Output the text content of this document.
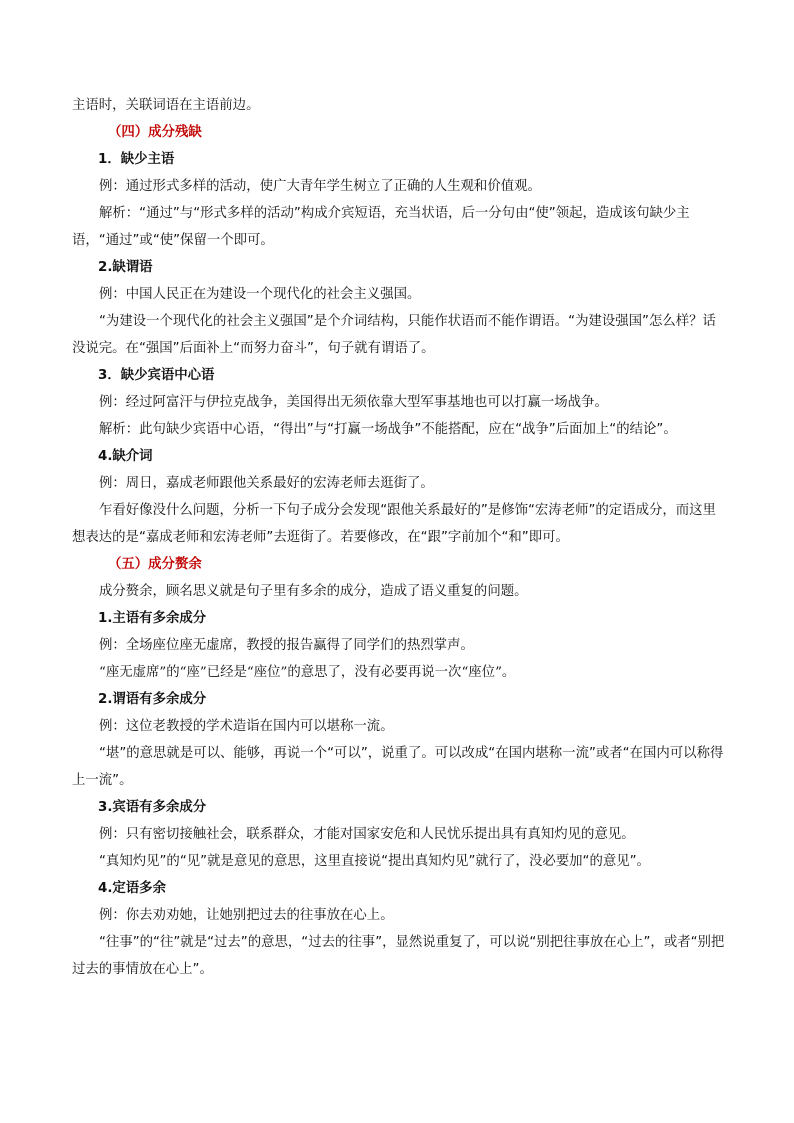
主语时，关联词语在主语前边。

（四）成分残缺

1．缺少主语

例：通过形式多样的活动，使广大青年学生树立了正确的人生观和价值观。

解析：“通过”与“形式多样的活动”构成介宾短语，充当状语，后一分句由“使”领起，造成该句缺少主语，“通过”或“使”保留一个即可。

2.缺谓语

例：中国人民正在为建设一个现代化的社会主义强国。

“为建设一个现代化的社会主义强国”是个介词结构，只能作状语而不能作谓语。“为建设强国”怎么样？话没说完。在“强国”后面补上“而努力奋斗”，句子就有谓语了。

3．缺少宾语中心语

例：经过阿富汗与伊拉克战争，美国得出无须依靠大型军事基地也可以打赢一场战争。

解析：此句缺少宾语中心语，“得出”与“打赢一场战争”不能搭配，应在“战争”后面加上“的结论”。

4.缺介词

例：周日，嘉成老师跟他关系最好的宏涛老师去逛街了。

乍看好像没什么问题，分析一下句子成分会发现“跟他关系最好的”是修饰“宏涛老师”的定语成分，而这里想表达的是“嘉成老师和宏涛老师”去逛街了。若要修改，在“跟”字前加个“和”即可。

（五）成分赘余

成分赘余，顾名思义就是句子里有多余的成分，造成了语义重复的问题。

1.主语有多余成分

例：全场座位座无虚席，教授的报告赢得了同学们的热烈掌声。

“座无虚席”的“座”已经是“座位”的意思了，没有必要再说一次“座位”。

2.谓语有多余成分

例：这位老教授的学术造诣在国内可以堪称一流。

“堪”的意思就是可以、能够，再说一个“可以”，说重了。可以改成“在国内堪称一流”或者“在国内可以称得上一流”。

3.宾语有多余成分

例：只有密切接触社会，联系群众，才能对国家安危和人民忧乐提出具有真知灼见的意见。

“真知灼见”的“见”就是意见的意思，这里直接说“提出真知灼见”就行了，没必要加“的意见”。

4.定语多余

例：你去劝劝她，让她别把过去的往事放在心上。

“往事”的“往”就是“过去”的意思，“过去的往事”，显然说重复了，可以说“别把往事放在心上”，或者“别把过去的事情放在心上”。
